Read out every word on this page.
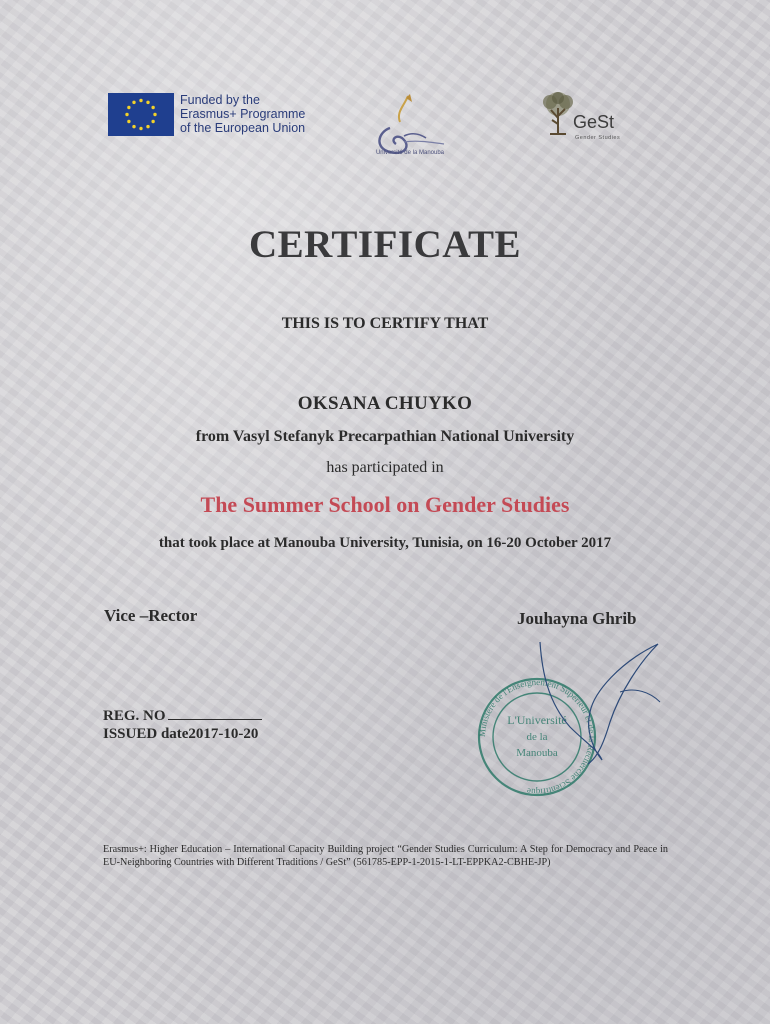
Funded by the
Erasmus+ Programme
of the European Union
Université de la Manouba
GeSt
Gender Studies
CERTIFICATE
THIS IS TO CERTIFY THAT
OKSANA CHUYKO
from Vasyl Stefanyk Precarpathian National University
has participated in
The Summer School on Gender Studies
that took place at Manouba University, Tunisia, on 16-20 October 2017
Vice –Rector	Jouhayna Ghrib
Ministère de l'Enseignement Supérieur et de la Recherche Scientifique
L'Université
de la
Manouba
REG. NO
ISSUED date2017-10-20
Erasmus+: Higher Education – International Capacity Building project “Gender Studies Curriculum: A Step for Democracy and Peace in EU-Neighboring Countries with Different Traditions / GeSt” (561785-EPP-1-2015-1-LT-EPPKA2-CBHE-JP)
